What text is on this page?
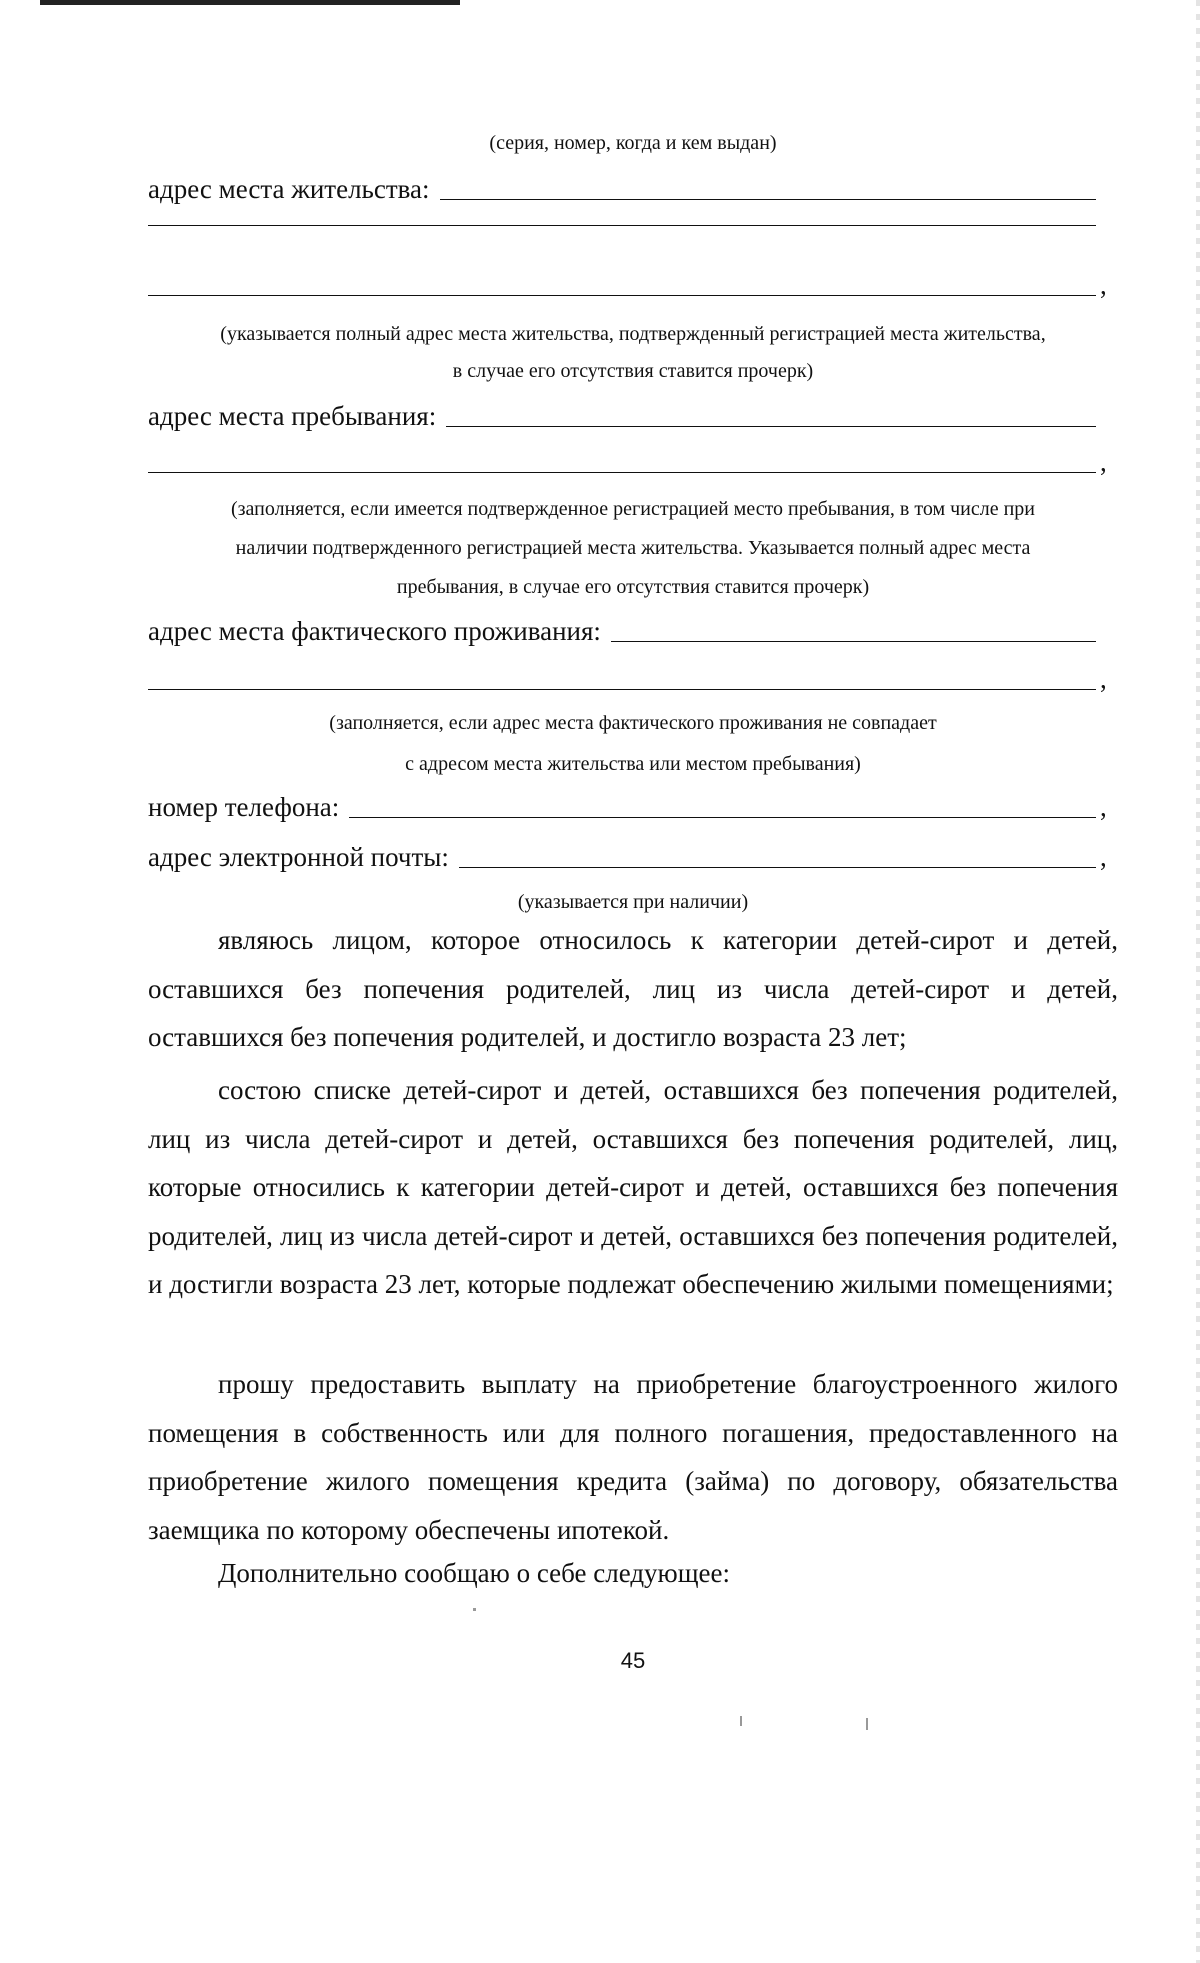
(серия, номер, когда и кем выдан)
адрес места жительства:
,
(указывается полный адрес места жительства, подтвержденный регистрацией места жительства,
в случае его отсутствия ставится прочерк)
адрес места пребывания:
,
(заполняется, если имеется подтвержденное регистрацией место пребывания, в том числе при
наличии подтвержденного регистрацией места жительства. Указывается полный адрес места
пребывания, в случае его отсутствия ставится прочерк)
адрес места фактического проживания:
,
(заполняется, если адрес места фактического проживания не совпадает
с адресом места жительства или местом пребывания)
номер телефона:	,
адрес электронной почты:	,
(указывается при наличии)
являюсь лицом, которое относилось к категории детей-сирот и детей, оставшихся без попечения родителей, лиц из числа детей-сирот и детей, оставшихся без попечения родителей, и достигло возраста 23 лет;
состою списке детей-сирот и детей, оставшихся без попечения родителей, лиц из числа детей-сирот и детей, оставшихся без попечения родителей, лиц, которые относились к категории детей-сирот и детей, оставшихся без попечения родителей, лиц из числа детей-сирот и детей, оставшихся без попечения родителей, и достигли возраста 23 лет, которые подлежат обеспечению жилыми помещениями;
прошу предоставить выплату на приобретение благоустроенного жилого помещения в собственность или для полного погашения, предоставленного на приобретение жилого помещения кредита (займа) по договору, обязательства заемщика по которому обеспечены ипотекой.
Дополнительно сообщаю о себе следующее:
45
